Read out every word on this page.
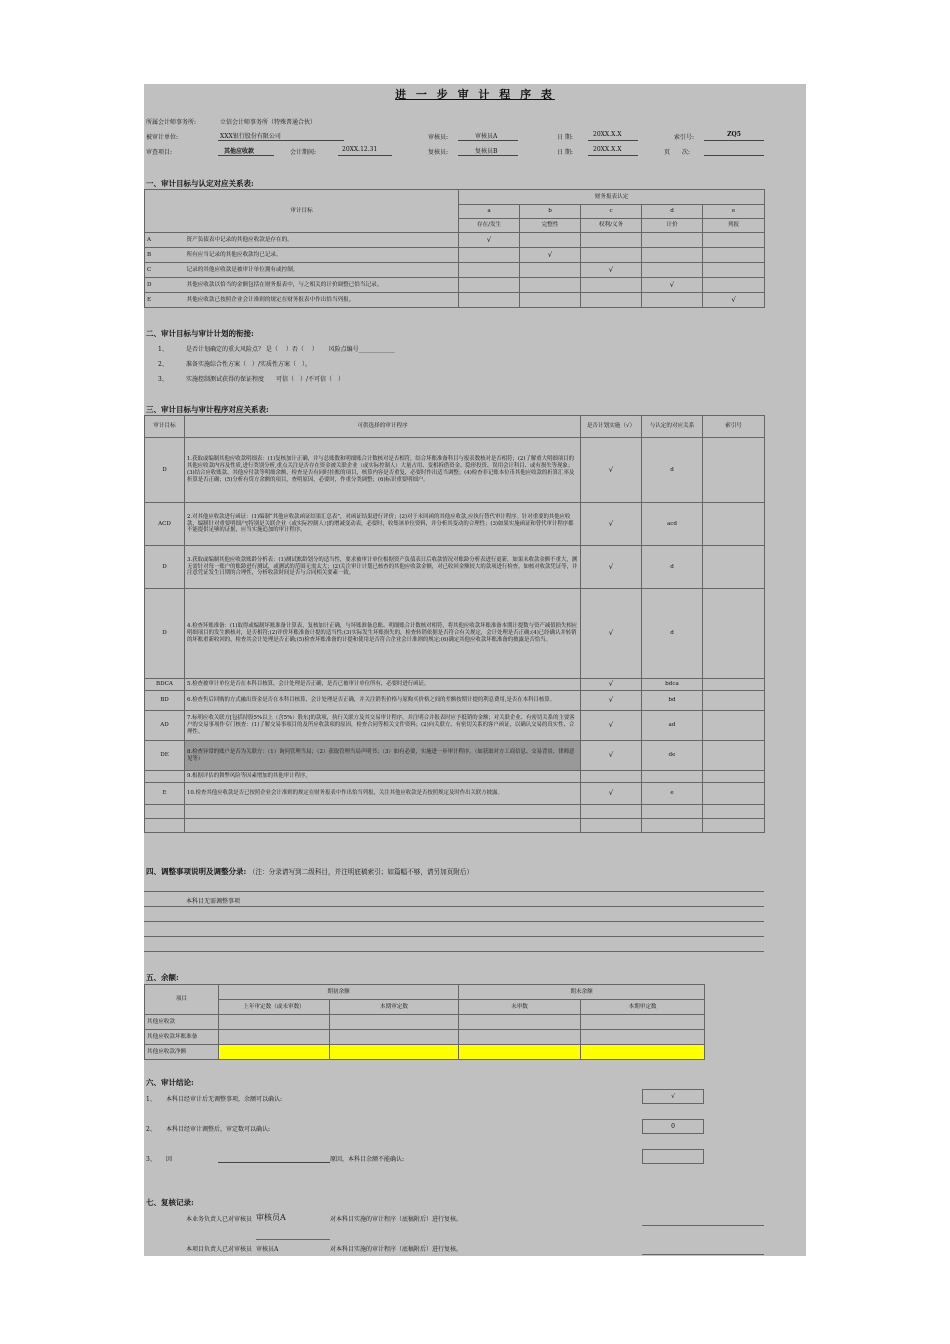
进 一 步 审 计 程 序 表
所属会计师事务所:	立信会计师事务所（特殊普通合伙）
被审计单位:	XXX银行股份有限公司	审核员:	审核员A	日 期:	20XX.X.X	索引号:	ZQ5
审查项目:	其他应收款	会计期间:	20XX.12.31	复核员:	复核员B	日 期:	20XX.X.X	页　　次:
一、审计目标与认定对应关系表:
审计目标		财务报表认定				
		a	b	c	d	e
		存在/发生	完整性	权利/义务	计价	列报
A	资产负债表中记录的其他应收款是存在的。	√				
B	所有应当记录的其他应收款均已记录。		√			
C	记录的其他应收款是被审计单位拥有或控制。			√		
D	其他应收款以恰当的金额包括在财务报表中，与之相关的计价调整已恰当记录。				√	
E	其他应收款已按照企业会计准则的规定在财务报表中作出恰当列报。					√
二、审计目标与审计计划的衔接:
1、	是否计划确定的重大风险点？ 是（　 ）否（　 ）　　 风险点编号____________
2、	准备实施综合性方案（　）/实质性方案（　）。
3、	实施控制测试获得的保证程度　　可信（　）/不可信（　）
三、审计目标与审计程序对应关系表:
审计目标	可供选择的审计程序	是否计划实施（√）	与认定的对应关系	索引号
D	1.获取或编制其他应收款明细表：(1)复核加计正确，并与总账数和明细账合计数核对是否相符，结合坏账准备科目与报表数核对是否相符；(2)了解重大明细项目的其他应收款内容及性质,进行类别分析,重点关注是否存在资金被关联企业（或实际控制人）大量占用、变相拆借资金、隐形投资、误用会计科目、或有损失等现象；(3)结合应收账款、其他应付款等明细余额，检查是否有同时挂账的项目，核算内容是否重复，必要时作出适当调整；(4)检查非记账本位币其他应收款的折算汇率及折算是否正确；(5)分析有贷方余额的项目，查明原因，必要时，作重分类调整；(6)标识重要明细户。	√	d	
ACD	2.对其他应收款进行函证：(1)编制“其他应收款函证结果汇总表”，对函证结果进行评价；(2)对于未回函的其他应收款,应执行替代审计程序。针对重要的其他应收款，编制针对重要明细户[特别是关联企业（或实际控制人）]的增减变动表，必要时，收集该单位资料，并分析其变动的合理性；(3)如果实施函证和替代审计程序都不能提供足够的证据，应当实施追加的审计程序。	√	acd	
D	3.获取或编制其他应收款账龄分析表：(1)测试账龄划分的适当性，要求被审计单位根据资产负债表日后收款情况对账龄分析表进行更新，如果未收款金额不重大，测无需针对每一账户的账龄进行测试，或测试的范围无需太大；(2)关注审计计划已核查的其他应收款金额，对已收回金额较大的款项进行检查，如核对收款凭证等，并注意凭证发生日期的合理性，分析收款时间是否与合同相关要素一致。	√	d	
D	4.检查坏账准备：(1)取得或编制坏账准备计算表，复核加计正确，与坏账准备总账、明细账合计数核对相符，将其他应收款坏账准备本期计提数与资产减值损失相应明细项目的发生额核对，是否相符;(2)评价坏账准备计提的适当性;(3)实际发生坏账损失的，检查转销依据是否符合有关规定，会计处理是否正确;(4)已经确认并转销的坏账重新收回的，检查其会计处理是否正确;(5)检查坏账准备的计提和使用是否符合企业会计准则的规定;(6)确定其他应收款坏账准备的披露是否恰当。	√	d	
BDCA	5.检查被审计单位是否在本科目核算，会计处理是否正确，是否已被审计单位所有，必要时进行函证。	√	bdca	
BD	6.检查售后回购的方式融出资金是否在本科目核算，会计处理是否正确，并关注销售价格与原购买价格之间的差额按期计提的利息费用,是否在本科目核算。	√	bd	
AD	7.标明应收关联方[包括持股5%以上（含5%）股东]的款项，执行关联方及其交易审计程序，并注明合并报表时应予抵销的金额；对关联企业、有密切关系的主要客户的交易事项作专门核查：(1)了解交易事项目的及所应收款项的原因，检查合同等相关文件资料；(2)向关联方、有密切关系的客户函证，以确认交易的真实性、合理性。	√	ad	
DE	8.检查异常的账户是否为关联方：（1）询问管理当局；（2）获取管理当局声明书；（3）如有必要，实施进一步审计程序。（如获取对方工商信息、交易背景、律师意见等）	√	de	
	9.根据评估的舞弊风险等因素增加的其他审计程序。			
E	10.检查其他应收款是否已按照企业会计准则的规定在财务报表中作出恰当列报，关注其他应收款是否按照规定及时作出关联方披露。	√	e	

四、调整事项说明及调整分录: （注：分录请写到二级科目，并注明底稿索引；如篇幅不够，请另加页附后）
本科目无需调整事项
五、余额:
项目	期初余额		期末余额	
	上年审定数（或未审数）	本期审定数	未审数	本期审定数
其他应收款				
其他应收款坏账准备				
其他应收款净额				
六、审计结论:
1、 本科目经审计后无调整事项，余额可以确认:	√
2、 本科目经审计调整后，审定数可以确认:	0
3、 因	原因，本科目余额不能确认:
七、复核记录:
本业务负责人已对审核员 审核员A	对本科目实施的审计程序（底稿附后）进行复核。
本项目负责人已对审核员 审核员A	对本科目实施的审计程序（底稿附后）进行复核。
